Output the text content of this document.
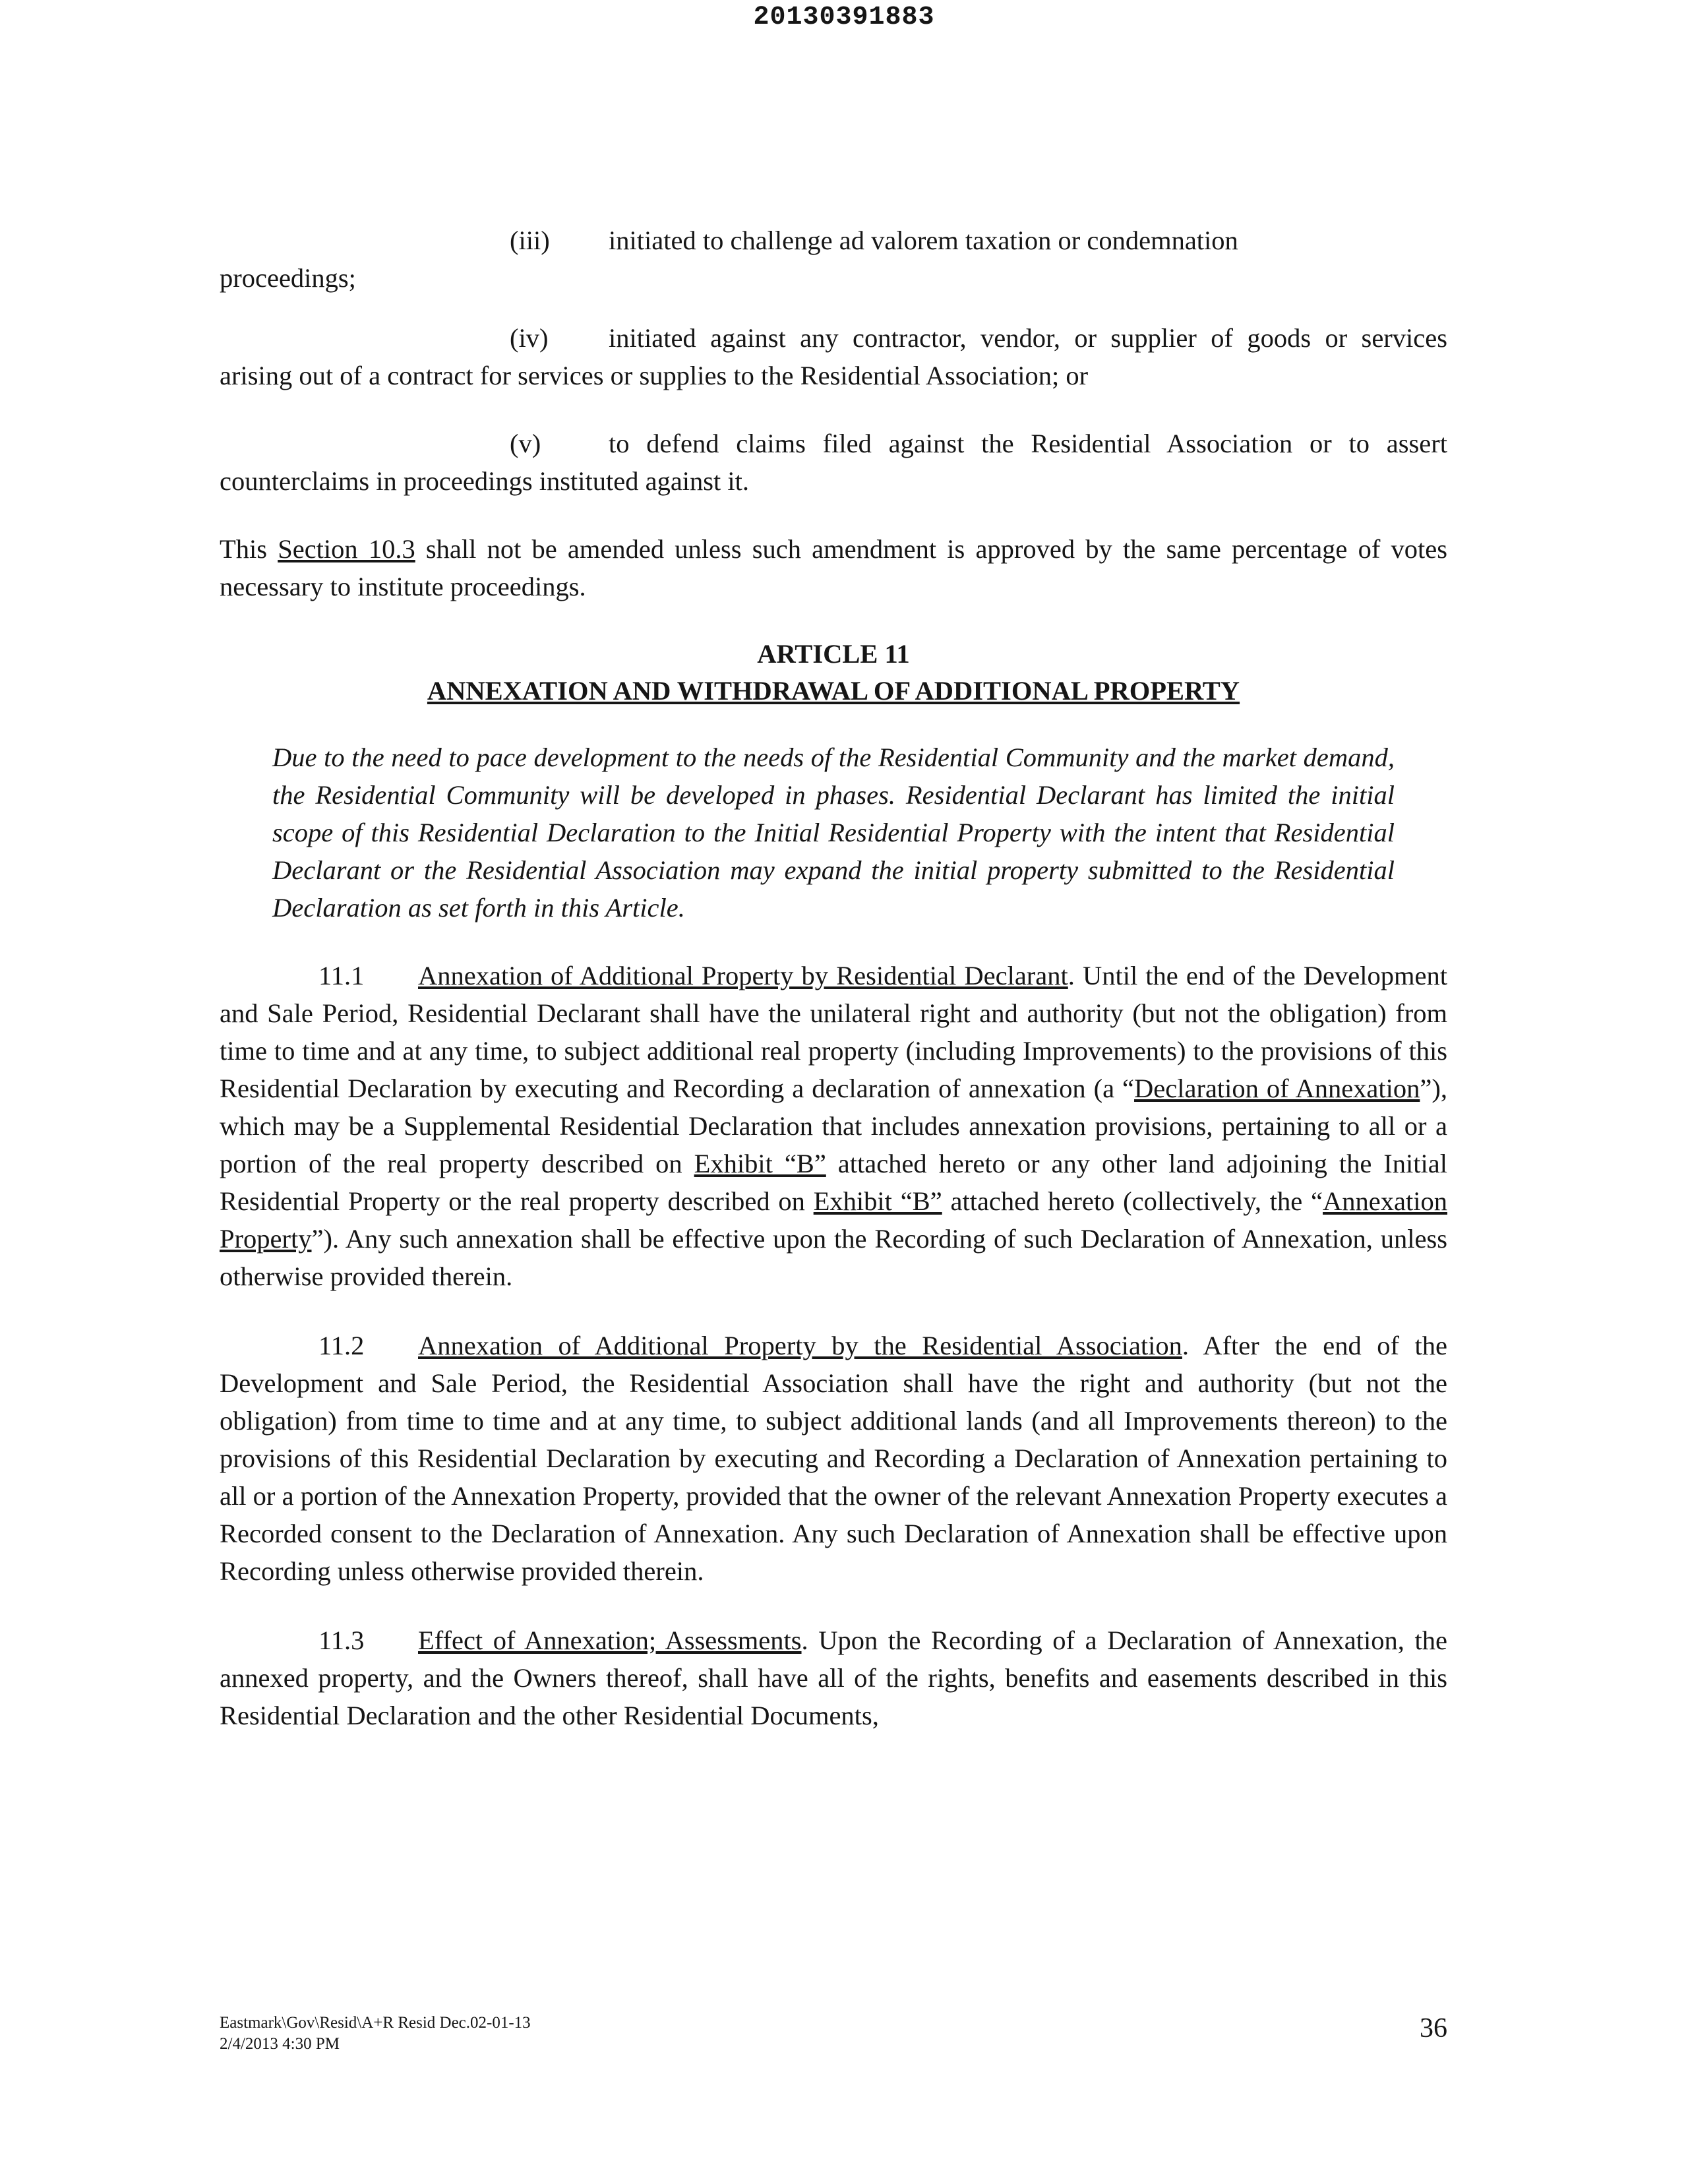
20130391883
(iii) initiated to challenge ad valorem taxation or condemnation
proceedings;
(iv) initiated against any contractor, vendor, or supplier of goods or services arising out of a contract for services or supplies to the Residential Association; or
(v)	to defend claims filed against the Residential Association or to assert counterclaims in proceedings instituted against it.
This Section 10.3 shall not be amended unless such amendment is approved by the same percentage of votes necessary to institute proceedings.
ARTICLE 11
ANNEXATION AND WITHDRAWAL OF ADDITIONAL PROPERTY
Due to the need to pace development to the needs of the Residential Community and the market demand, the Residential Community will be developed in phases. Residential Declarant has limited the initial scope of this Residential Declaration to the Initial Residential Property with the intent that Residential Declarant or the Residential Association may expand the initial property submitted to the Residential Declaration as set forth in this Article.
11.1 Annexation of Additional Property by Residential Declarant. Until the end of the Development and Sale Period, Residential Declarant shall have the unilateral right and authority (but not the obligation) from time to time and at any time, to subject additional real property (including Improvements) to the provisions of this Residential Declaration by executing and Recording a declaration of annexation (a “Declaration of Annexation”), which may be a Supplemental Residential Declaration that includes annexation provisions, pertaining to all or a portion of the real property described on Exhibit “B” attached hereto or any other land adjoining the Initial Residential Property or the real property described on Exhibit “B” attached hereto (collectively, the “Annexation Property”). Any such annexation shall be effective upon the Recording of such Declaration of Annexation, unless otherwise provided therein.
11.2 Annexation of Additional Property by the Residential Association. After the end of the Development and Sale Period, the Residential Association shall have the right and authority (but not the obligation) from time to time and at any time, to subject additional lands (and all Improvements thereon) to the provisions of this Residential Declaration by executing and Recording a Declaration of Annexation pertaining to all or a portion of the Annexation Property, provided that the owner of the relevant Annexation Property executes a Recorded consent to the Declaration of Annexation. Any such Declaration of Annexation shall be effective upon Recording unless otherwise provided therein.
11.3 Effect of Annexation; Assessments. Upon the Recording of a Declaration of Annexation, the annexed property, and the Owners thereof, shall have all of the rights, benefits and easements described in this Residential Declaration and the other Residential Documents,
Eastmark\Gov\Resid\A+R Resid Dec.02-01-13
2/4/2013 4:30 PM
36
